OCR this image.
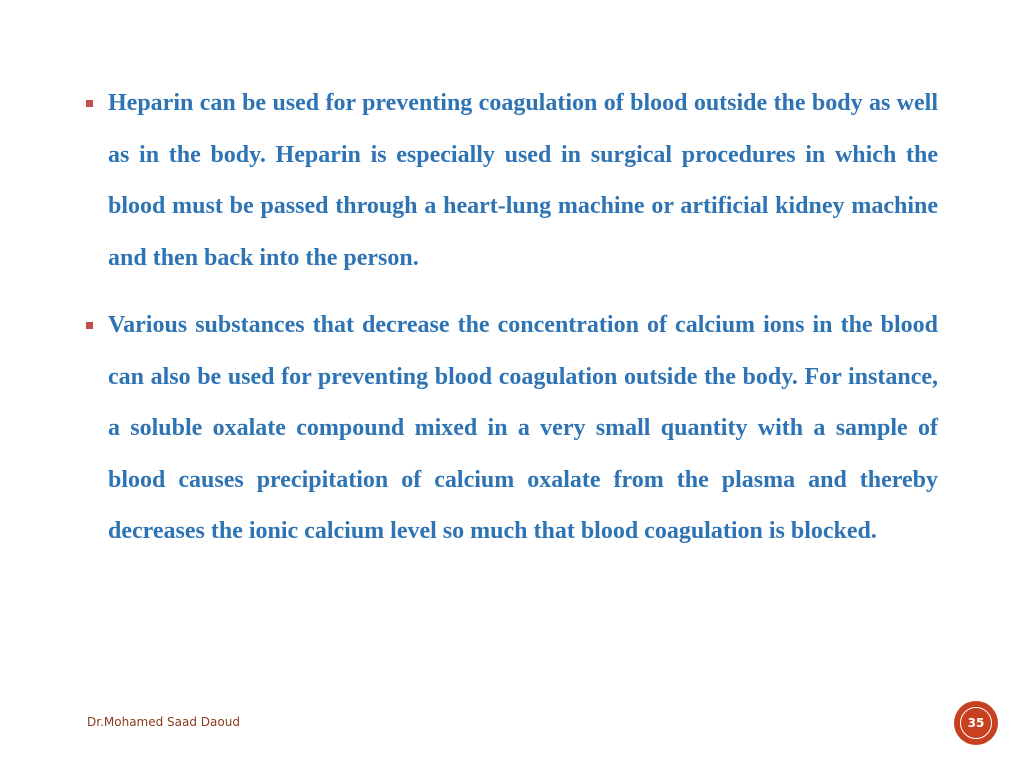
Heparin can be used for preventing coagulation of blood outside the body as well as in the body. Heparin is especially used in surgical procedures in which the blood must be passed through a heart-lung machine or artificial kidney machine and then back into the person.

Various substances that decrease the concentration of calcium ions in the blood can also be used for preventing blood coagulation outside the body. For instance, a soluble oxalate compound mixed in a very small quantity with a sample of blood causes precipitation of calcium oxalate from the plasma and thereby decreases the ionic calcium level so much that blood coagulation is blocked.

Dr.Mohamed Saad Daoud	35
